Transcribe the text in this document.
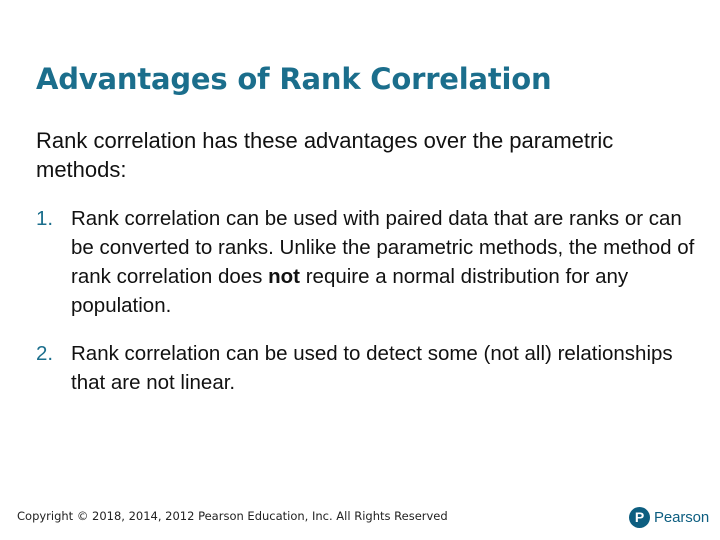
Advantages of Rank Correlation

Rank correlation has these advantages over the parametric methods:

1. Rank correlation can be used with paired data that are ranks or can be converted to ranks. Unlike the parametric methods, the method of rank correlation does not require a normal distribution for any population.
2. Rank correlation can be used to detect some (not all) relationships that are not linear.
Copyright © 2018, 2014, 2012 Pearson Education, Inc. All Rights Reserved	P Pearson
